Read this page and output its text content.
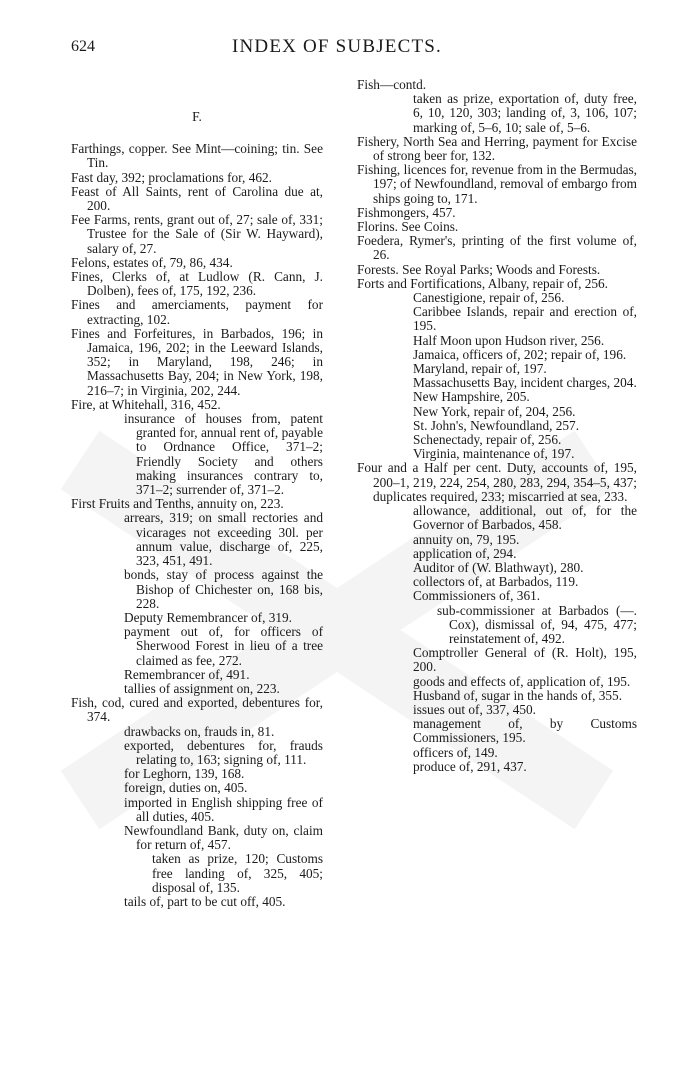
INDEX OF SUBJECTS.
624
F.

Farthings, copper. See Mint—coining; tin. See Tin.

Fast day, 392; proclamations for, 462.

Feast of All Saints, rent of Carolina due at, 200.

Fee Farms, rents, grant out of, 27; sale of, 331; Trustee for the Sale of (Sir W. Hayward), salary of, 27.

Felons, estates of, 79, 86, 434.

Fines, Clerks of, at Ludlow (R. Cann, J. Dolben), fees of, 175, 192, 236.

Fines and amerciaments, payment for extracting, 102.

Fines and Forfeitures, in Barbados, 196; in Jamaica, 196, 202; in the Leeward Islands, 352; in Maryland, 198, 246; in Massachusetts Bay, 204; in New York, 198, 216–7; in Virginia, 202, 244.

Fire, at Whitehall, 316, 452.

insurance of houses from, patent granted for, annual rent of, payable to Ordnance Office, 371–2; Friendly Society and others making insurances contrary to, 371–2; surrender of, 371–2.

First Fruits and Tenths, annuity on, 223.

arrears, 319; on small rectories and vicarages not exceeding 30l. per annum value, discharge of, 225, 323, 451, 491.

bonds, stay of process against the Bishop of Chichester on, 168 bis, 228.

Deputy Remembrancer of, 319.

payment out of, for officers of Sherwood Forest in lieu of a tree claimed as fee, 272.

Remembrancer of, 491.

tallies of assignment on, 223.

Fish, cod, cured and exported, debentures for, 374.

drawbacks on, frauds in, 81.

exported, debentures for, frauds relating to, 163; signing of, 111.

for Leghorn, 139, 168.

foreign, duties on, 405.

imported in English shipping free of all duties, 405.

Newfoundland Bank, duty on, claim for return of, 457.

taken as prize, 120; Customs free landing of, 325, 405; disposal of, 135.

tails of, part to be cut off, 405.

Fish—contd.

taken as prize, exportation of, duty free, 6, 10, 120, 303; landing of, 3, 106, 107; marking of, 5–6, 10; sale of, 5–6.

Fishery, North Sea and Herring, payment for Excise of strong beer for, 132.

Fishing, licences for, revenue from in the Bermudas, 197; of Newfoundland, removal of embargo from ships going to, 171.

Fishmongers, 457.

Florins. See Coins.

Foedera, Rymer's, printing of the first volume of, 26.

Forests. See Royal Parks; Woods and Forests.

Forts and Fortifications, Albany, repair of, 256.

Canestigione, repair of, 256.

Caribbee Islands, repair and erection of, 195.

Half Moon upon Hudson river, 256.

Jamaica, officers of, 202; repair of, 196.

Maryland, repair of, 197.

Massachusetts Bay, incident charges, 204.

New Hampshire, 205.

New York, repair of, 204, 256.

St. John's, Newfoundland, 257.

Schenectady, repair of, 256.

Virginia, maintenance of, 197.

Four and a Half per cent. Duty, accounts of, 195, 200–1, 219, 224, 254, 280, 283, 294, 354–5, 437; duplicates required, 233; miscarried at sea, 233.

allowance, additional, out of, for the Governor of Barbados, 458.

annuity on, 79, 195.

application of, 294.

Auditor of (W. Blathwayt), 280.

collectors of, at Barbados, 119.

Commissioners of, 361.

sub-commissioner at Barbados (—. Cox), dismissal of, 94, 475, 477; reinstatement of, 492.

Comptroller General of (R. Holt), 195, 200.

goods and effects of, application of, 195.

Husband of, sugar in the hands of, 355.

issues out of, 337, 450.

management of, by Customs Commissioners, 195.

officers of, 149.

produce of, 291, 437.
